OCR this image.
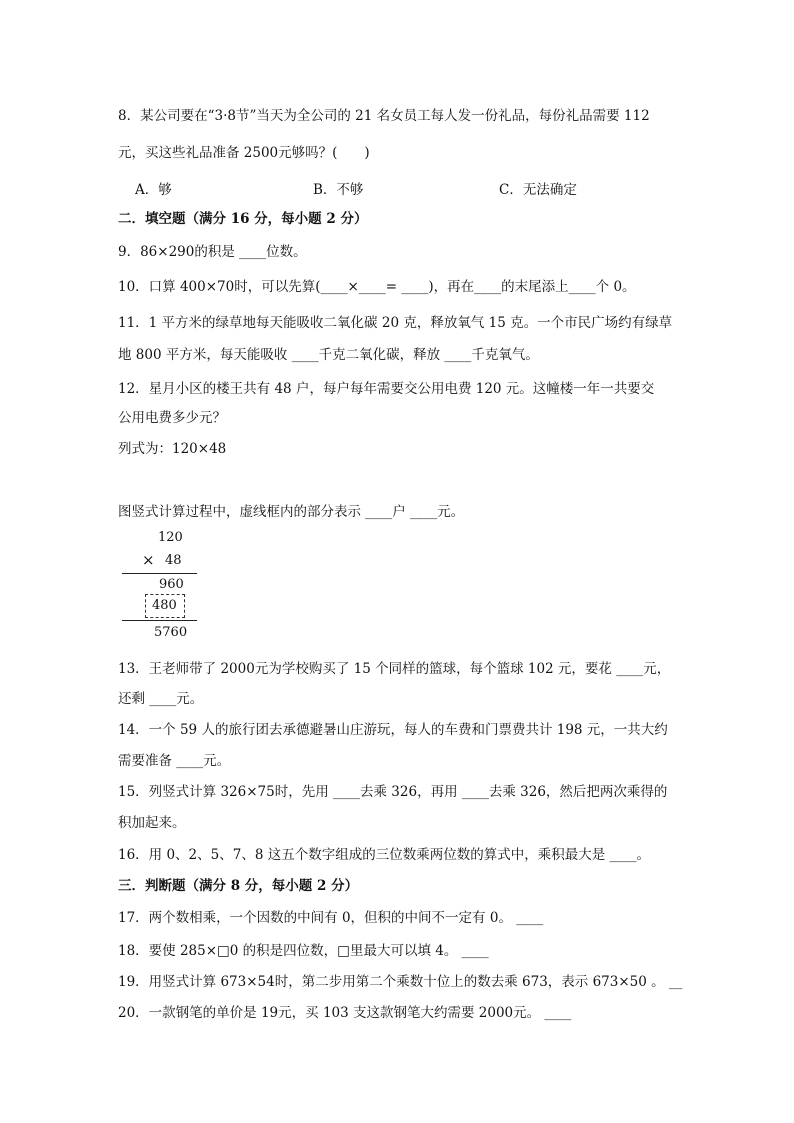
8．某公司要在“3·8节”当天为全公司的 21 名女员工每人发一份礼品，每份礼品需要 112
元，买这些礼品准备 2500元够吗？(　　)
A．够	B．不够	C．无法确定
二．填空题（满分 16 分，每小题 2 分）
9．86×290的积是 ____位数。
10．口算 400×70时，可以先算(____×____= ____)，再在____的末尾添上____个 0。
11．1 平方米的绿草地每天能吸收二氧化碳 20 克，释放氧气 15 克。一个市民广场约有绿草
地 800 平方米，每天能吸收 ____千克二氧化碳，释放 ____千克氧气。
12．星月小区的楼王共有 48 户，每户每年需要交公用电费 120 元。这幢楼一年一共要交
公用电费多少元？
列式为：120×48
图竖式计算过程中，虚线框内的部分表示 ____户 ____元。
120
× 48
960
480
5760
13．王老师带了 2000元为学校购买了 15 个同样的篮球，每个篮球 102 元，要花 ____元，
还剩 ____元。
14．一个 59 人的旅行团去承德避暑山庄游玩，每人的车费和门票费共计 198 元，一共大约
需要准备 ____元。
15．列竖式计算 326×75时，先用 ____去乘 326，再用 ____去乘 326，然后把两次乘得的
积加起来。
16．用 0、2、5、7、8 这五个数字组成的三位数乘两位数的算式中，乘积最大是 ____。
三．判断题（满分 8 分，每小题 2 分）
17．两个数相乘，一个因数的中间有 0，但积的中间不一定有 0。 ____
18．要使 285×□0 的积是四位数，□里最大可以填 4。 ____
19．用竖式计算 673×54时，第二步用第二个乘数十位上的数去乘 673，表示 673×50 。 __
20．一款钢笔的单价是 19元，买 103 支这款钢笔大约需要 2000元。 ____
